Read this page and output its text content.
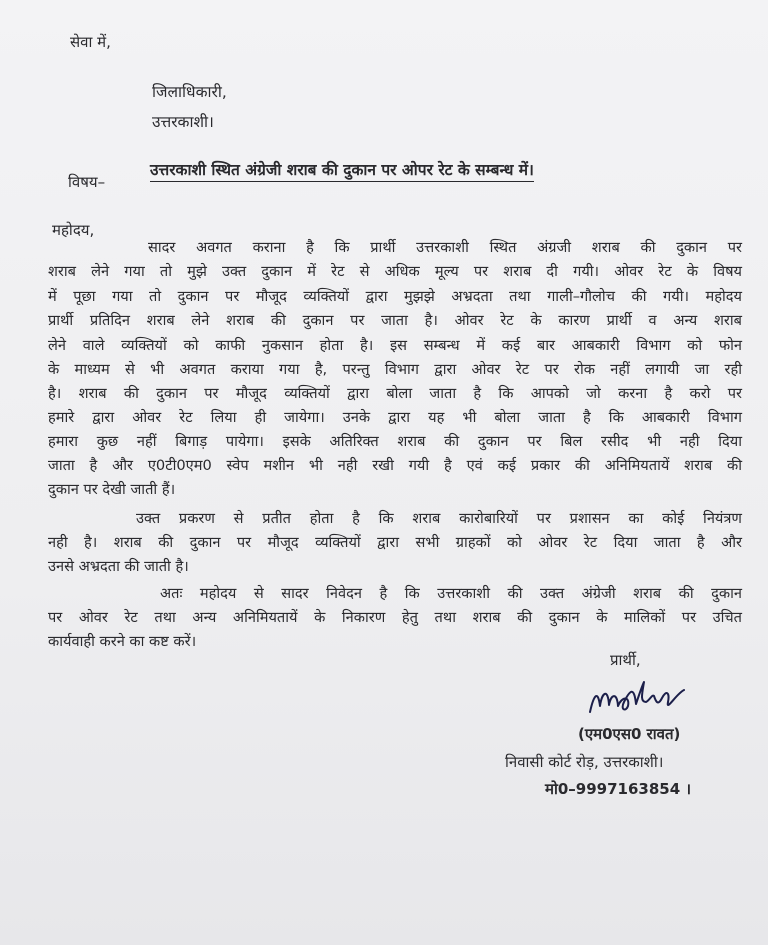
सेवा में,
जिलाधिकारी,
उत्तरकाशी।
विषय–
उत्तरकाशी स्थित अंग्रेजी शराब की दुकान पर ओपर रेट के सम्बन्ध में।
महोदय,
सादर अवगत कराना है कि प्रार्थी उत्तरकाशी स्थित अंग्रजी शराब की दुकान पर
शराब लेने गया तो मुझे उक्त दुकान में रेट से अधिक मूल्य पर शराब दी गयी। ओवर रेट के विषय
में पूछा गया तो दुकान पर मौजूद व्यक्तियों द्वारा मुझझे अभ्रदता तथा गाली–गौलोच की गयी। महोदय
प्रार्थी प्रतिदिन शराब लेने शराब की दुकान पर जाता है। ओवर रेट के कारण प्रार्थी व अन्य शराब
लेने वाले व्यक्तियों को काफी नुकसान होता है। इस सम्बन्ध में कई बार आबकारी विभाग को फोन
के माध्यम से भी अवगत कराया गया है, परन्तु विभाग द्वारा ओवर रेट पर रोक नहीं लगायी जा रही
है। शराब की दुकान पर मौजूद व्यक्तियों द्वारा बोला जाता है कि आपको जो करना है करो पर
हमारे द्वारा ओवर रेट लिया ही जायेगा। उनके द्वारा यह भी बोला जाता है कि आबकारी विभाग
हमारा कुछ नहीं बिगाड़ पायेगा। इसके अतिरिक्त शराब की दुकान पर बिल रसीद भी नही दिया
जाता है और ए0टी0एम0 स्वेप मशीन भी नही रखी गयी है एवं कई प्रकार की अनिमियतायें शराब की
दुकान पर देखी जाती हैं।
उक्त प्रकरण से प्रतीत होता है कि शराब कारोबारियों पर प्रशासन का कोई नियंत्रण
नही है। शराब की दुकान पर मौजूद व्यक्तियों द्वारा सभी ग्राहकों को ओवर रेट दिया जाता है और
उनसे अभ्रदता की जाती है।
अतः महोदय से सादर निवेदन है कि उत्तरकाशी की उक्त अंग्रेजी शराब की दुकान
पर ओवर रेट तथा अन्य अनिमियतायें के निकारण हेतु तथा शराब की दुकान के मालिकों पर उचित
कार्यवाही करने का कष्ट करें।
प्रार्थी,
(एम0एस0 रावत)
निवासी कोर्ट रोड़, उत्तरकाशी।
मो0–9997163854 ।
